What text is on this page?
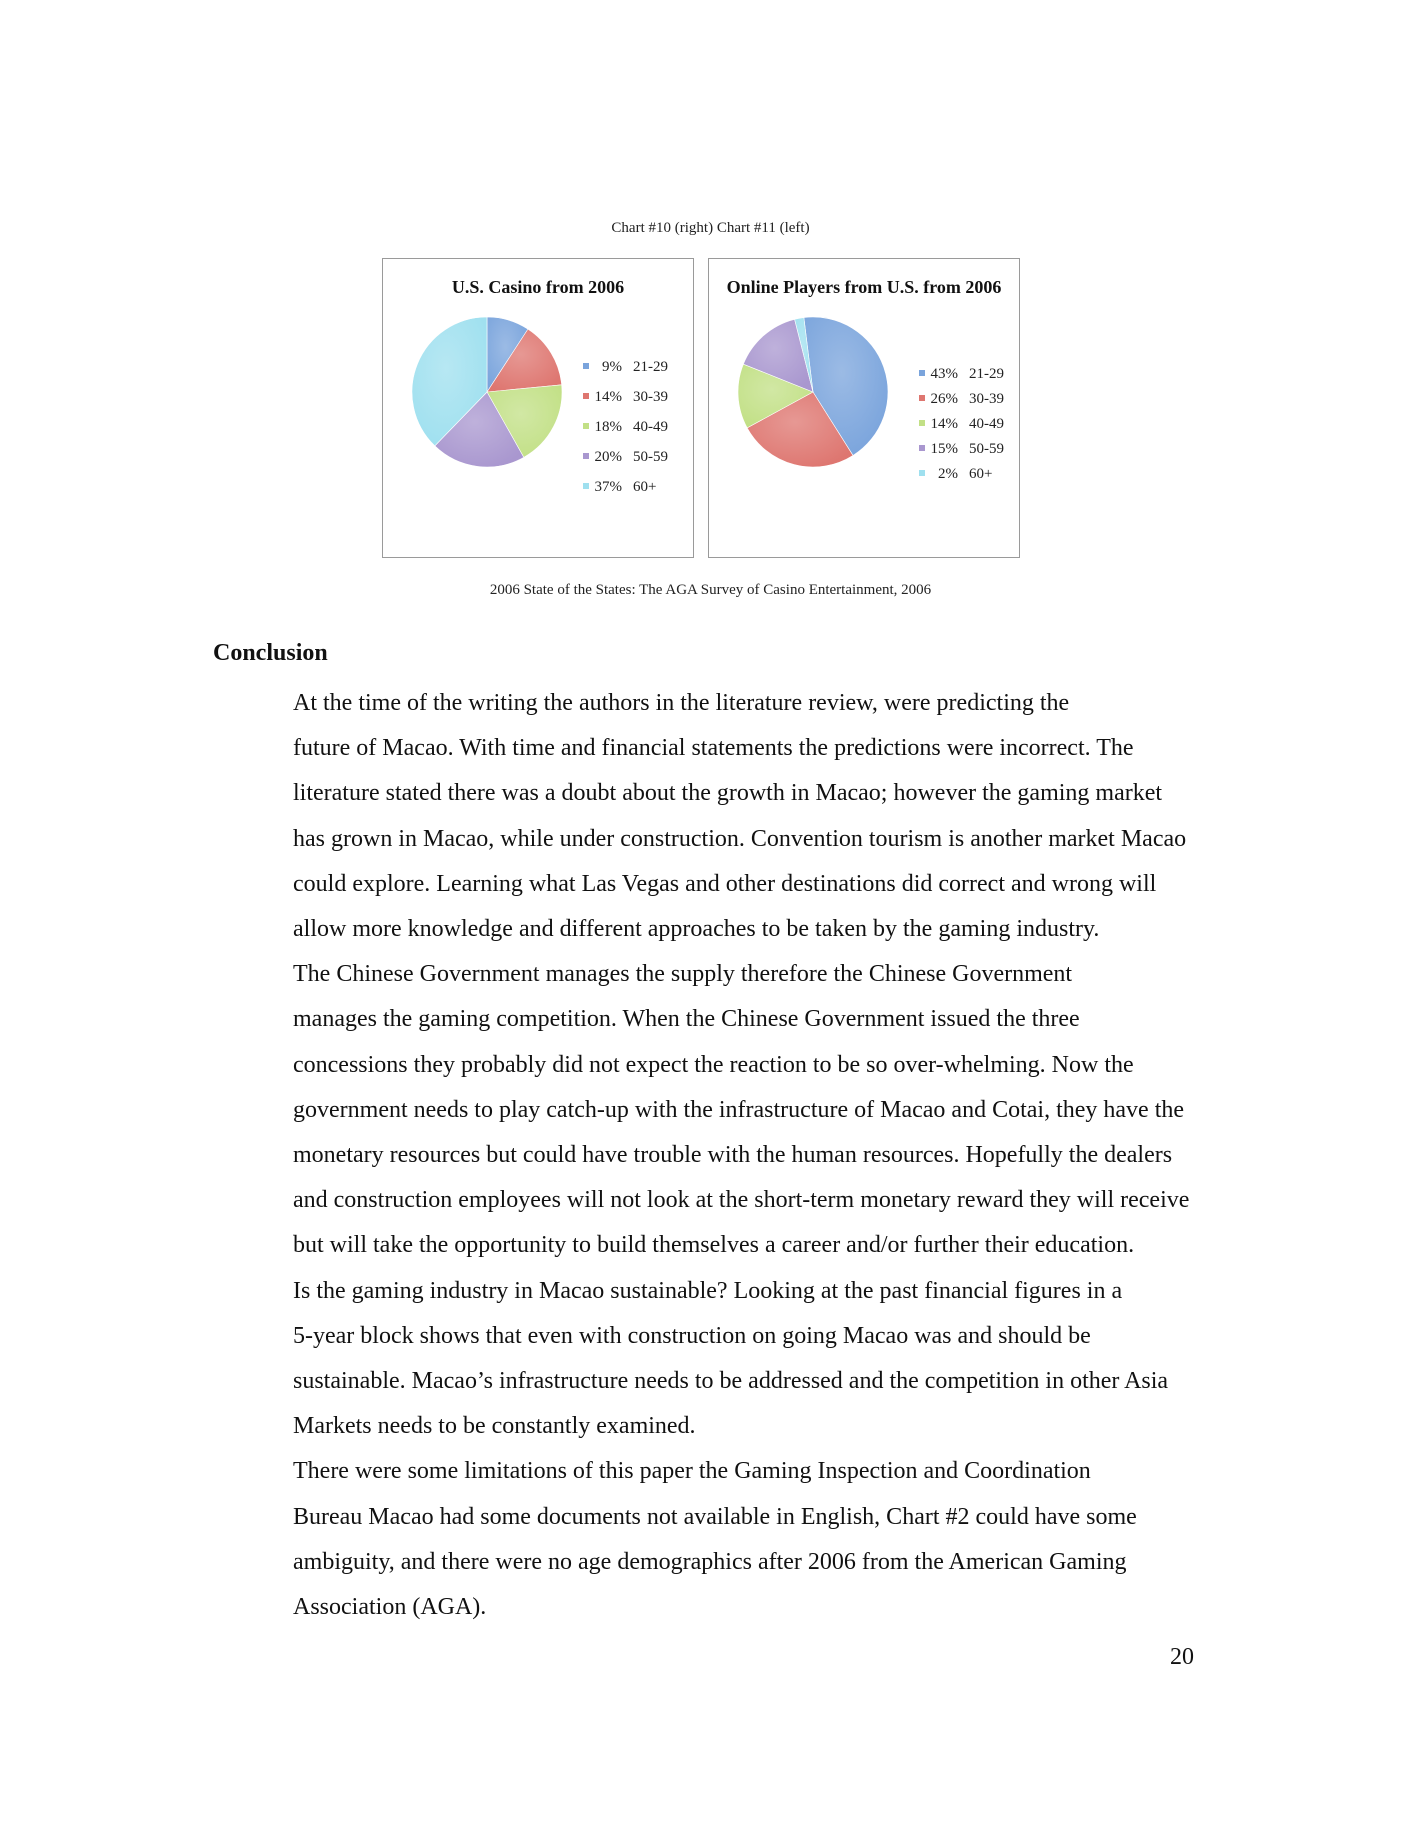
Chart #10 (right) Chart #11 (left)
U.S. Casino from 2006
9% 21-29
14% 30-39
18% 40-49
20% 50-59
37% 60+
Online Players from U.S. from 2006
43% 21-29
26% 30-39
14% 40-49
15% 50-59
2% 60+
2006 State of the States: The AGA Survey of Casino Entertainment, 2006
Conclusion

At the time of the writing the authors in the literature review, were predicting the
future of Macao. With time and financial statements the predictions were incorrect. The
literature stated there was a doubt about the growth in Macao; however the gaming market
has grown in Macao, while under construction. Convention tourism is another market Macao
could explore. Learning what Las Vegas and other destinations did correct and wrong will
allow more knowledge and different approaches to be taken by the gaming industry.

The Chinese Government manages the supply therefore the Chinese Government
manages the gaming competition. When the Chinese Government issued the three
concessions they probably did not expect the reaction to be so over-whelming. Now the
government needs to play catch-up with the infrastructure of Macao and Cotai, they have the
monetary resources but could have trouble with the human resources. Hopefully the dealers
and construction employees will not look at the short-term monetary reward they will receive
but will take the opportunity to build themselves a career and/or further their education.

Is the gaming industry in Macao sustainable? Looking at the past financial figures in a
5-year block shows that even with construction on going Macao was and should be
sustainable. Macao’s infrastructure needs to be addressed and the competition in other Asia
Markets needs to be constantly examined.

There were some limitations of this paper the Gaming Inspection and Coordination
Bureau Macao had some documents not available in English, Chart #2 could have some
ambiguity, and there were no age demographics after 2006 from the American Gaming
Association (AGA).

20
